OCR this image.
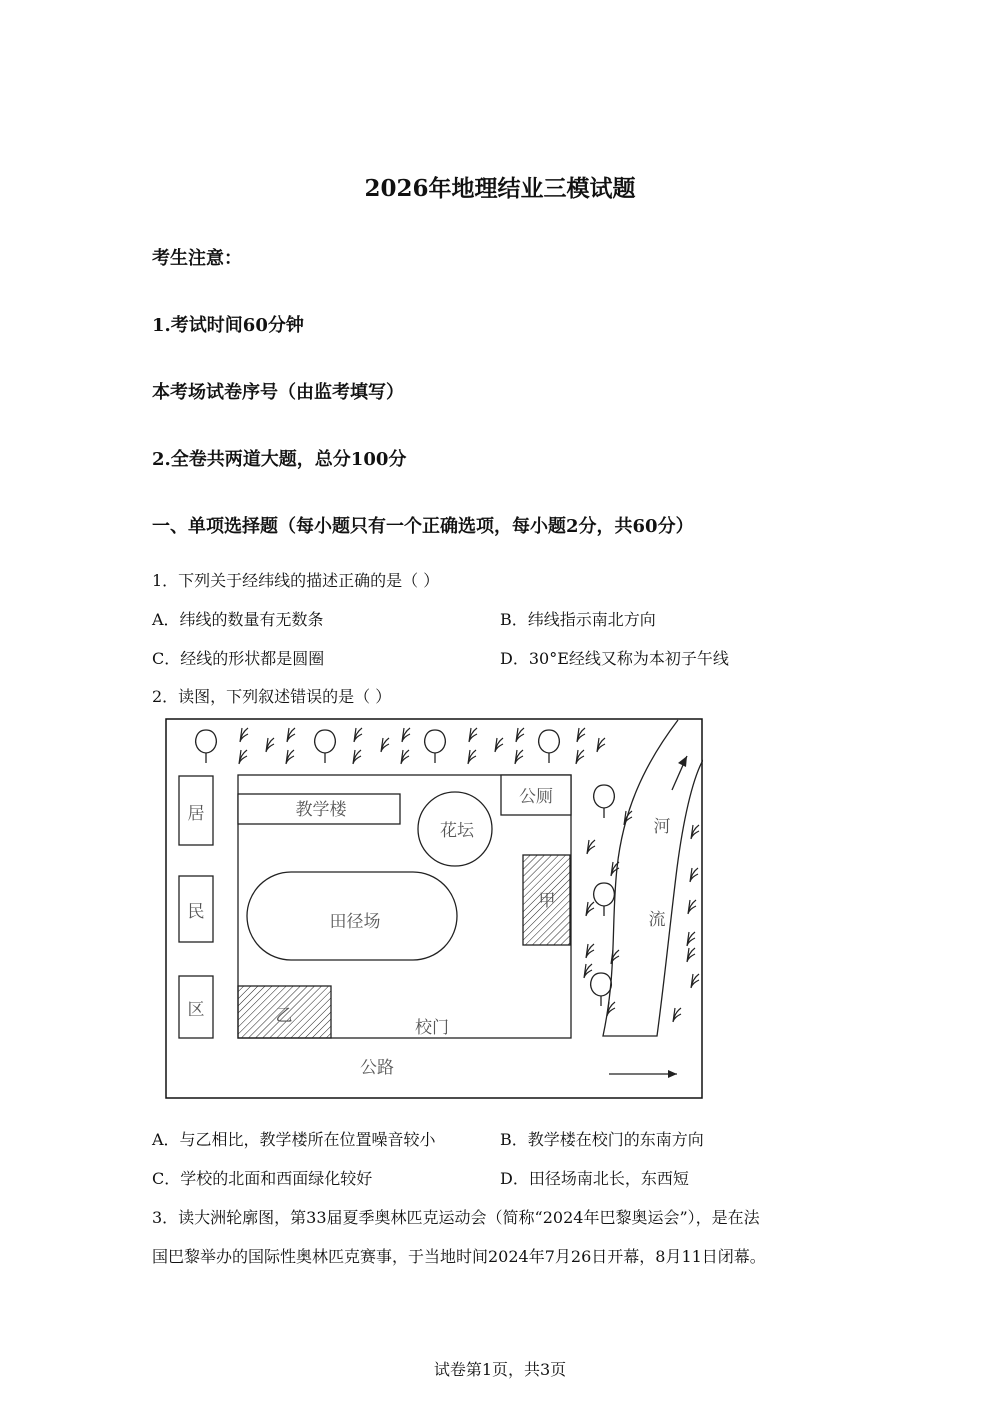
2026年地理结业三模试题
考生注意：
1.考试时间60分钟
本考场试卷序号（由监考填写）
2.全卷共两道大题，总分100分
一、单项选择题（每小题只有一个正确选项，每小题2分，共60分）
1．下列关于经纬线的描述正确的是（ ）
A．纬线的数量有无数条	B．纬线指示南北方向
C．经线的形状都是圆圈	D．30°E经线又称为本初子午线
2．读图，下列叙述错误的是（ ）
居
民
区
教学楼
花坛
公厕
甲
田径场
乙
校门
公路
河
流
A．与乙相比，教学楼所在位置噪音较小	B．教学楼在校门的东南方向
C．学校的北面和西面绿化较好	D．田径场南北长，东西短
3．读大洲轮廓图，第33届夏季奥林匹克运动会（简称“2024年巴黎奥运会”），是在法
国巴黎举办的国际性奥林匹克赛事，于当地时间2024年7月26日开幕，8月11日闭幕。
试卷第1页，共3页
